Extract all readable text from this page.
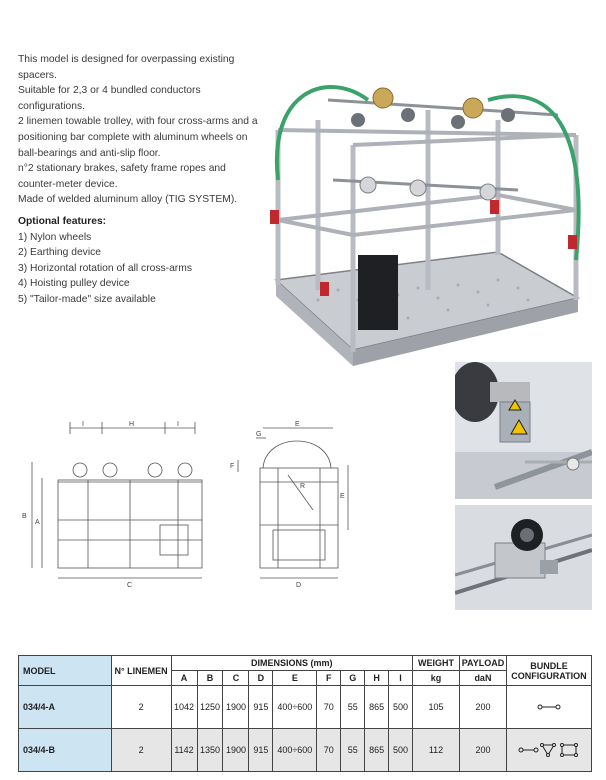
This model is designed for overpassing existing spacers.

Suitable for 2,3 or 4 bundled conductors configurations.

2 linemen towable trolley, with four cross-arms and a

positioning bar complete with aluminum wheels on

ball-bearings and anti-slip floor.

n°2 stationary brakes, safety frame ropes and

counter-meter device.

Made of welded aluminum alloy (TIG SYSTEM).

Optional features:

1) Nylon wheels

2) Earthing device

3) Horizontal rotation of all cross-arms

4) Hoisting pulley device

5) "Tailor-made" size available

I	H	I
B
A
C
G
E
F
R
E
D
MODEL	N° LINEMEN	DIMENSIONS (mm)									WEIGHT	PAYLOAD	BUNDLE CONFIGURATION
		A	B	C	D	E	F	G	H	I	kg	daN	
034/4-A	2	1042	1250	1900	915	400÷600	70	55	865	500	105	200	

034/4-B	2	1142	1350	1900	915	400÷600	70	55	865	500	112	200	
